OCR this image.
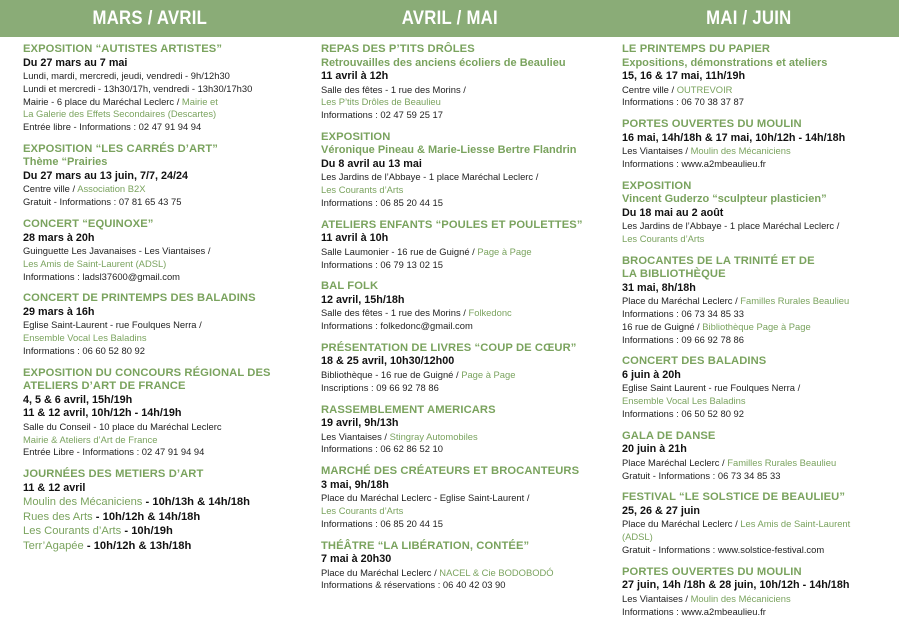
MARS / AVRIL	AVRIL / MAI	MAI / JUIN
EXPOSITION “AUTISTES ARTISTES”
Du 27 mars au 7 mai
Lundi, mardi, mercredi, jeudi, vendredi - 9h/12h30
Lundi et mercredi - 13h30/17h, vendredi - 13h30/17h30
Mairie - 6 place du Maréchal Leclerc / Mairie et
La Galerie des Effets Secondaires (Descartes)
Entrée libre - Informations : 02 47 91 94 94
EXPOSITION “LES CARRÉS D’ART”
Thème “Prairies
Du 27 mars au 13 juin, 7/7, 24/24
Centre ville / Association B2X
Gratuit - Informations : 07 81 65 43 75
CONCERT “EQUINOXE”
28 mars à 20h
Guinguette Les Javanaises - Les Viantaises /
Les Amis de Saint-Laurent (ADSL)
Informations : ladsl37600@gmail.com
CONCERT DE PRINTEMPS DES BALADINS
29 mars à 16h
Eglise Saint-Laurent - rue Foulques Nerra /
Ensemble Vocal Les Baladins
Informations : 06 60 52 80 92
EXPOSITION DU CONCOURS RÉGIONAL DES
ATELIERS D’ART DE FRANCE
4, 5 & 6 avril, 15h/19h
11 & 12 avril, 10h/12h - 14h/19h
Salle du Conseil - 10 place du Maréchal Leclerc
Mairie & Ateliers d’Art de France
Entrée Libre - Informations : 02 47 91 94 94
JOURNÉES DES METIERS D’ART
11 & 12 avril
Moulin des Mécaniciens - 10h/13h & 14h/18h
Rues des Arts - 10h/12h & 14h/18h
Les Courants d’Arts - 10h/19h
Terr’Agapée - 10h/12h & 13h/18h
REPAS DES P’TITS DRÔLES
Retrouvailles des anciens écoliers de Beaulieu
11 avril à 12h
Salle des fêtes - 1 rue des Morins /
Les P’tits Drôles de Beaulieu
Informations : 02 47 59 25 17
EXPOSITION
Véronique Pineau & Marie-Liesse Bertre Flandrin
Du 8 avril au 13 mai
Les Jardins de l’Abbaye - 1 place Maréchal Leclerc /
Les Courants d’Arts
Informations : 06 85 20 44 15
ATELIERS ENFANTS “POULES ET POULETTES”
11 avril à 10h
Salle Laumonier - 16 rue de Guigné / Page à Page
Informations : 06 79 13 02 15
BAL FOLK
12 avril, 15h/18h
Salle des fêtes - 1 rue des Morins / Folkedonc
Informations : folkedonc@gmail.com
PRÉSENTATION DE LIVRES “COUP DE CŒUR”
18 & 25 avril, 10h30/12h00
Bibliothèque - 16 rue de Guigné / Page à Page
Inscriptions : 09 66 92 78 86
RASSEMBLEMENT AMERICARS
19 avril, 9h/13h
Les Viantaises / Stingray Automobiles
Informations : 06 62 86 52 10
MARCHÉ DES CRÉATEURS ET BROCANTEURS
3 mai, 9h/18h
Place du Maréchal Leclerc - Eglise Saint-Laurent /
Les Courants d’Arts
Informations : 06 85 20 44 15
THÉÂTRE “LA LIBÉRATION, CONTÉE”
7 mai à 20h30
Place du Maréchal Leclerc / NACEL & Cie BODOBODÓ
Informations & réservations : 06 40 42 03 90
LE PRINTEMPS DU PAPIER
Expositions, démonstrations et ateliers
15, 16 & 17 mai, 11h/19h
Centre ville / OUTREVOIR
Informations : 06 70 38 37 87
PORTES OUVERTES DU MOULIN
16 mai, 14h/18h & 17 mai, 10h/12h - 14h/18h
Les Viantaises / Moulin des Mécaniciens
Informations : www.a2mbeaulieu.fr
EXPOSITION
Vincent Guderzo “sculpteur plasticien”
Du 18 mai au 2 août
Les Jardins de l’Abbaye - 1 place Maréchal Leclerc /
Les Courants d’Arts
BROCANTES DE LA TRINITÉ ET DE
LA BIBLIOTHÈQUE
31 mai, 8h/18h
Place du Maréchal Leclerc / Familles Rurales Beaulieu
Informations : 06 73 34 85 33
16 rue de Guigné / Bibliothèque Page à Page
Informations : 09 66 92 78 86
CONCERT DES BALADINS
6 juin à 20h
Eglise Saint Laurent - rue Foulques Nerra /
Ensemble Vocal Les Baladins
Informations : 06 50 52 80 92
GALA DE DANSE
20 juin à 21h
Place Maréchal Leclerc / Familles Rurales Beaulieu
Gratuit - Informations : 06 73 34 85 33
FESTIVAL “LE SOLSTICE DE BEAULIEU”
25, 26 & 27 juin
Place du Maréchal Leclerc / Les Amis de Saint-Laurent
(ADSL)
Gratuit - Informations : www.solstice-festival.com
PORTES OUVERTES DU MOULIN
27 juin, 14h /18h & 28 juin, 10h/12h - 14h/18h
Les Viantaises / Moulin des Mécaniciens
Informations : www.a2mbeaulieu.fr
